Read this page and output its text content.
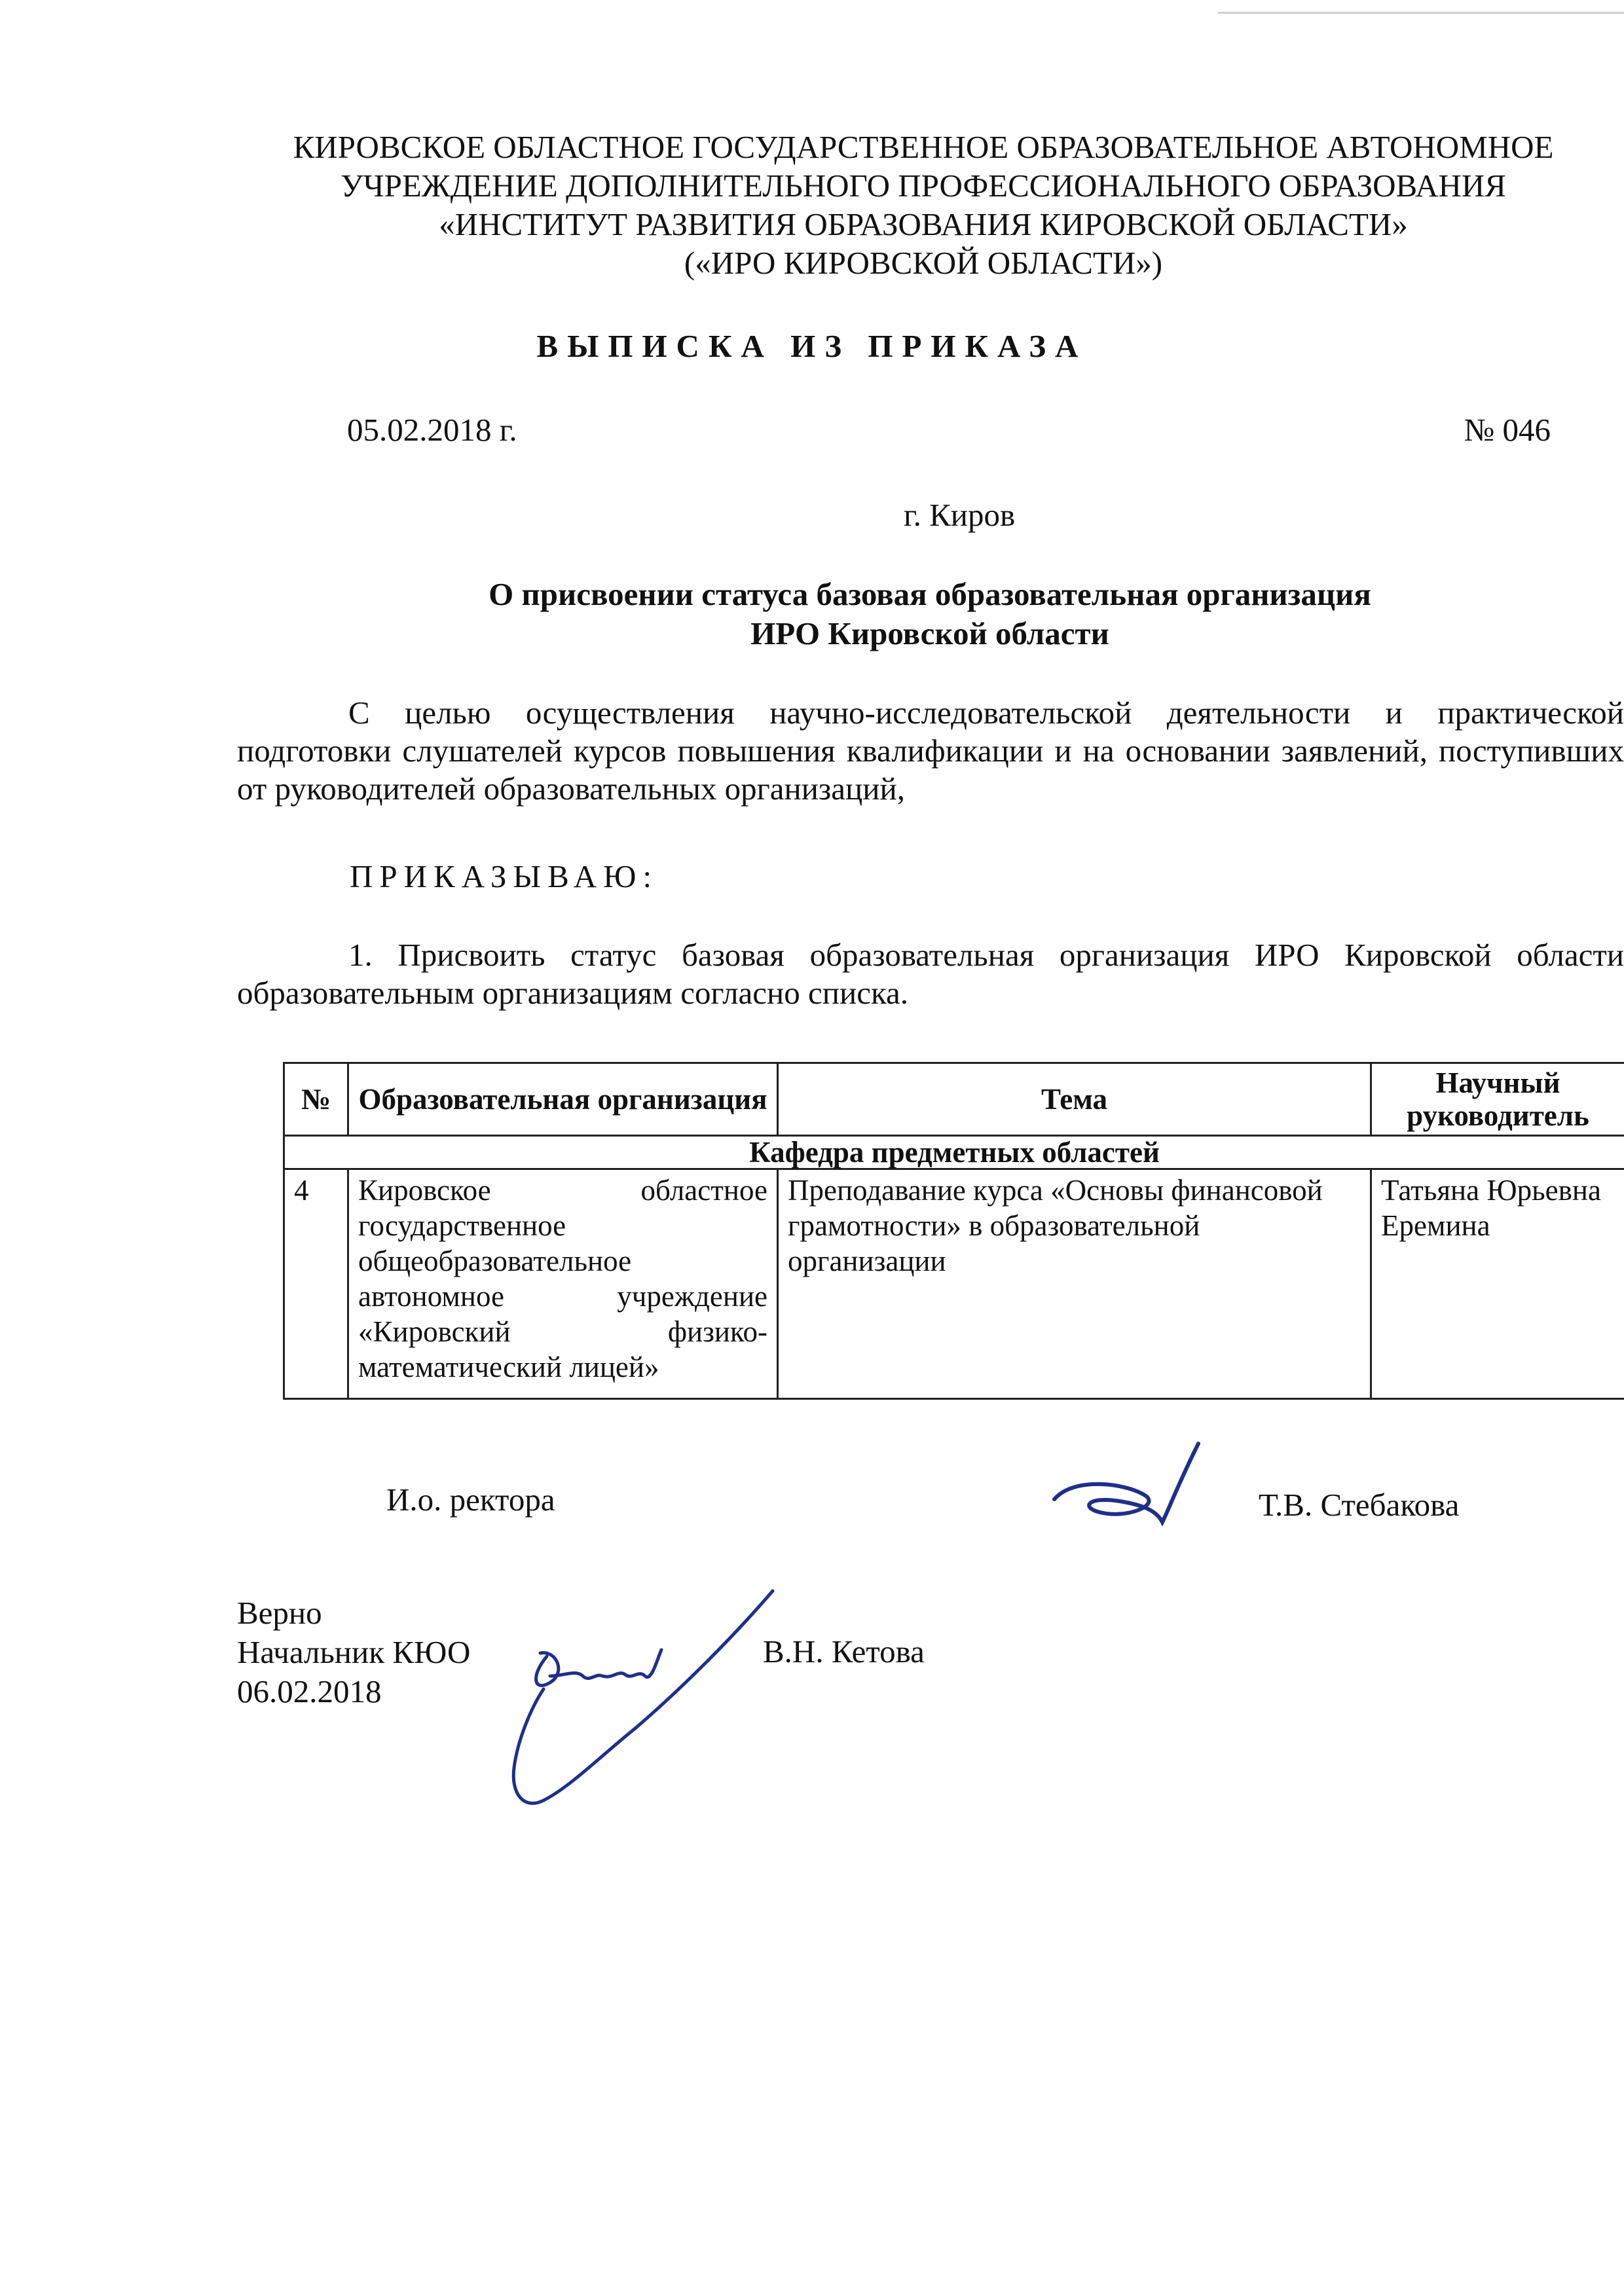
КИРОВСКОЕ ОБЛАСТНОЕ ГОСУДАРСТВЕННОЕ ОБРАЗОВАТЕЛЬНОЕ АВТОНОМНОЕ
УЧРЕЖДЕНИЕ ДОПОЛНИТЕЛЬНОГО ПРОФЕССИОНАЛЬНОГО ОБРАЗОВАНИЯ
«ИНСТИТУТ РАЗВИТИЯ ОБРАЗОВАНИЯ КИРОВСКОЙ ОБЛАСТИ»
(«ИРО КИРОВСКОЙ ОБЛАСТИ»)
ВЫПИСКА ИЗ ПРИКАЗА
05.02.2018 г.	№ 046
г. Киров
О присвоении статуса базовая образовательная организация
ИРО Кировской области
С целью осуществления научно-исследовательской деятельности и практической подготовки слушателей курсов повышения квалификации и на основании заявлений, поступивших от руководителей образовательных организаций,
ПРИКАЗЫВАЮ:
1. Присвоить статус базовая образовательная организация ИРО Кировской области образовательным организациям согласно списка.
№	Образовательная организация	Тема	Научный руководитель
Кафедра предметных областей			
4	Кировское областное государственное общеобразовательное автономное учреждение «Кировский физико-математический лицей»	Преподавание курса «Основы финансовой грамотности» в образовательной организации	Татьяна Юрьевна Еремина
И.о. ректора	Т.В. Стебакова
Верно
Начальник КЮО
06.02.2018
В.Н. Кетова
